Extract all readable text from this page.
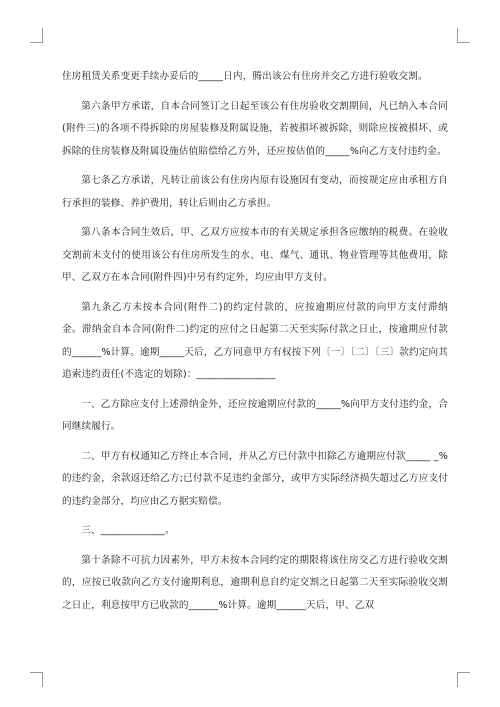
住房租赁关系变更手续办妥后的_____日内，腾出该公有住房并交乙方进行验收交割。

第六条甲方承诺，自本合同签订之日起至该公有住房验收交割期间，凡已纳入本合同(附件三)的各项不得拆除的房屋装修及附属设施，若被損坏被拆除，则除应按被損坏、或拆除的住房装修及附属设施估值賠偿给乙方外，还应按估值的_____%向乙方支付违约金。

第七条乙方承诺，凡转让前该公有住房内原有设施因有变动，而按规定应由承租方自行承担的装修、养护费用，转让后则由乙方承担。

第八条本合同生效后，甲、乙双方应按本市的有关规定承担各应缴纳的税费。在验收交割前未支付的使用该公有住房所发生的水、电、煤气、通讯、物业管理等其他费用，除甲、乙双方在本合同(附件四)中另有约定外，均应由甲方支付。

第九条乙方未按本合同(附件二)的约定付款的，应按逾期应付款的向甲方支付滞纳金。滞纳金自本合同(附件二)约定的应付之日起第二天至实际付款之日止，按逾期应付款的______%计算。逾期_____天后，乙方同意甲方有权按下列〔一〕〔二〕〔三〕款约定向其追索违约责任(不选定的划除)：________________

一、乙方除应支付上述滞纳金外，还应按逾期应付款的_____%向甲方支付违约金，合同继续履行。

二、甲方有权通知乙方终止本合同，并从乙方已付款中扣除乙方逾期应付款_____ _%的违约金，余款返还给乙方;已付款不足违约金部分，或甲方实际经济损失超过乙方应支付的违约金部分，均应由乙方据实赔偿。

三、_____________。

第十条除不可抗力因素外，甲方未按本合同约定的期限将该住房交乙方进行验收交割的，应按已收款向乙方支付逾期利息，逾期利息自约定交割之日起第二天至实际验收交割之日止，利息按甲方已收款的______%计算。逾期______天后，甲、乙双
